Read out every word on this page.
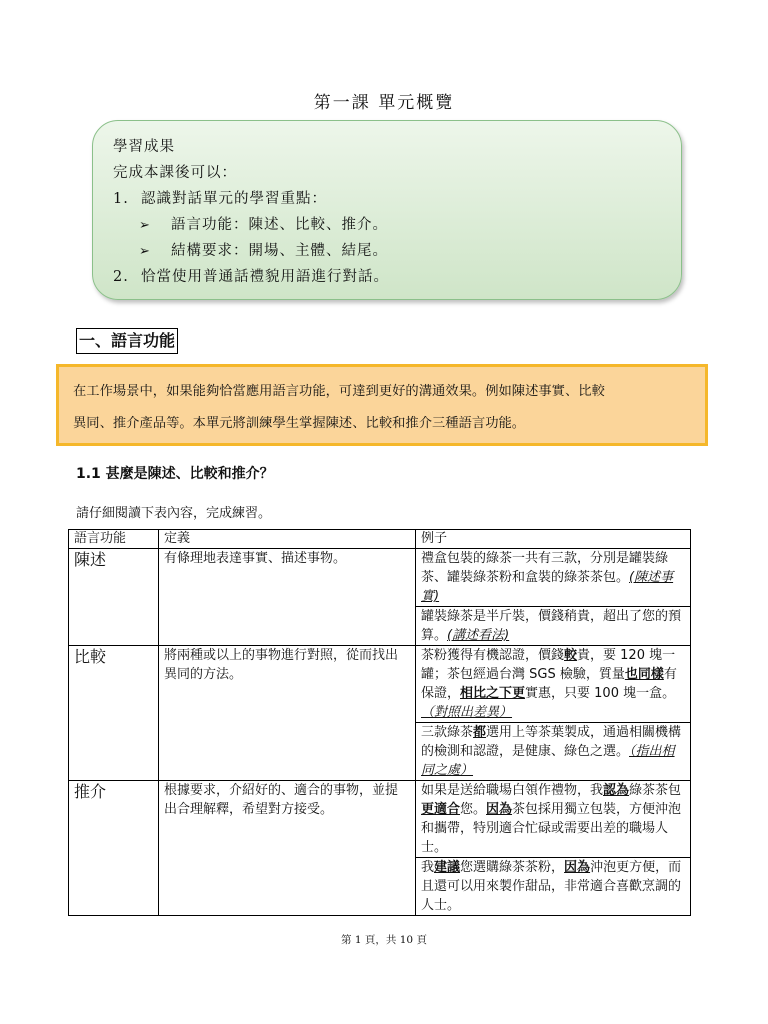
第一課 單元概覽
學習成果
完成本課後可以：
1. 認識對話單元的學習重點：
➢ 語言功能：陳述、比較、推介。
➢ 結構要求：開場、主體、結尾。
2. 恰當使用普通話禮貌用語進行對話。
一、語言功能
在工作場景中，如果能夠恰當應用語言功能，可達到更好的溝通效果。例如陳述事實、比較
異同、推介產品等。本單元將訓練學生掌握陳述、比較和推介三種語言功能。
1.1 甚麼是陳述、比較和推介？
請仔細閱讀下表內容，完成練習。
語言功能	定義	例子
陳述	有條理地表達事實、描述事物。	禮盒包裝的綠茶一共有三款，分別是罐裝綠茶、罐裝綠茶粉和盒裝的綠茶茶包。(陳述事實)
		罐裝綠茶是半斤裝，價錢稍貴，超出了您的預算。(講述看法)
比較	將兩種或以上的事物進行對照，從而找出異同的方法。	茶粉獲得有機認證，價錢較貴，要 120 塊一罐；茶包經過台灣 SGS 檢驗，質量也同樣有保證，相比之下更實惠，只要 100 塊一盒。（對照出差異）
		三款綠茶都選用上等茶葉製成，通過相關機構的檢測和認證，是健康、綠色之選。（指出相同之處）
推介	根據要求，介紹好的、適合的事物，並提出合理解釋，希望對方接受。	如果是送給職場白領作禮物，我認為綠茶茶包更適合您。因為茶包採用獨立包裝，方便沖泡和攜帶，特別適合忙碌或需要出差的職場人士。
		我建議您選購綠茶茶粉，因為沖泡更方便，而且還可以用來製作甜品，非常適合喜歡烹調的人士。
第 1 頁，共 10 頁
